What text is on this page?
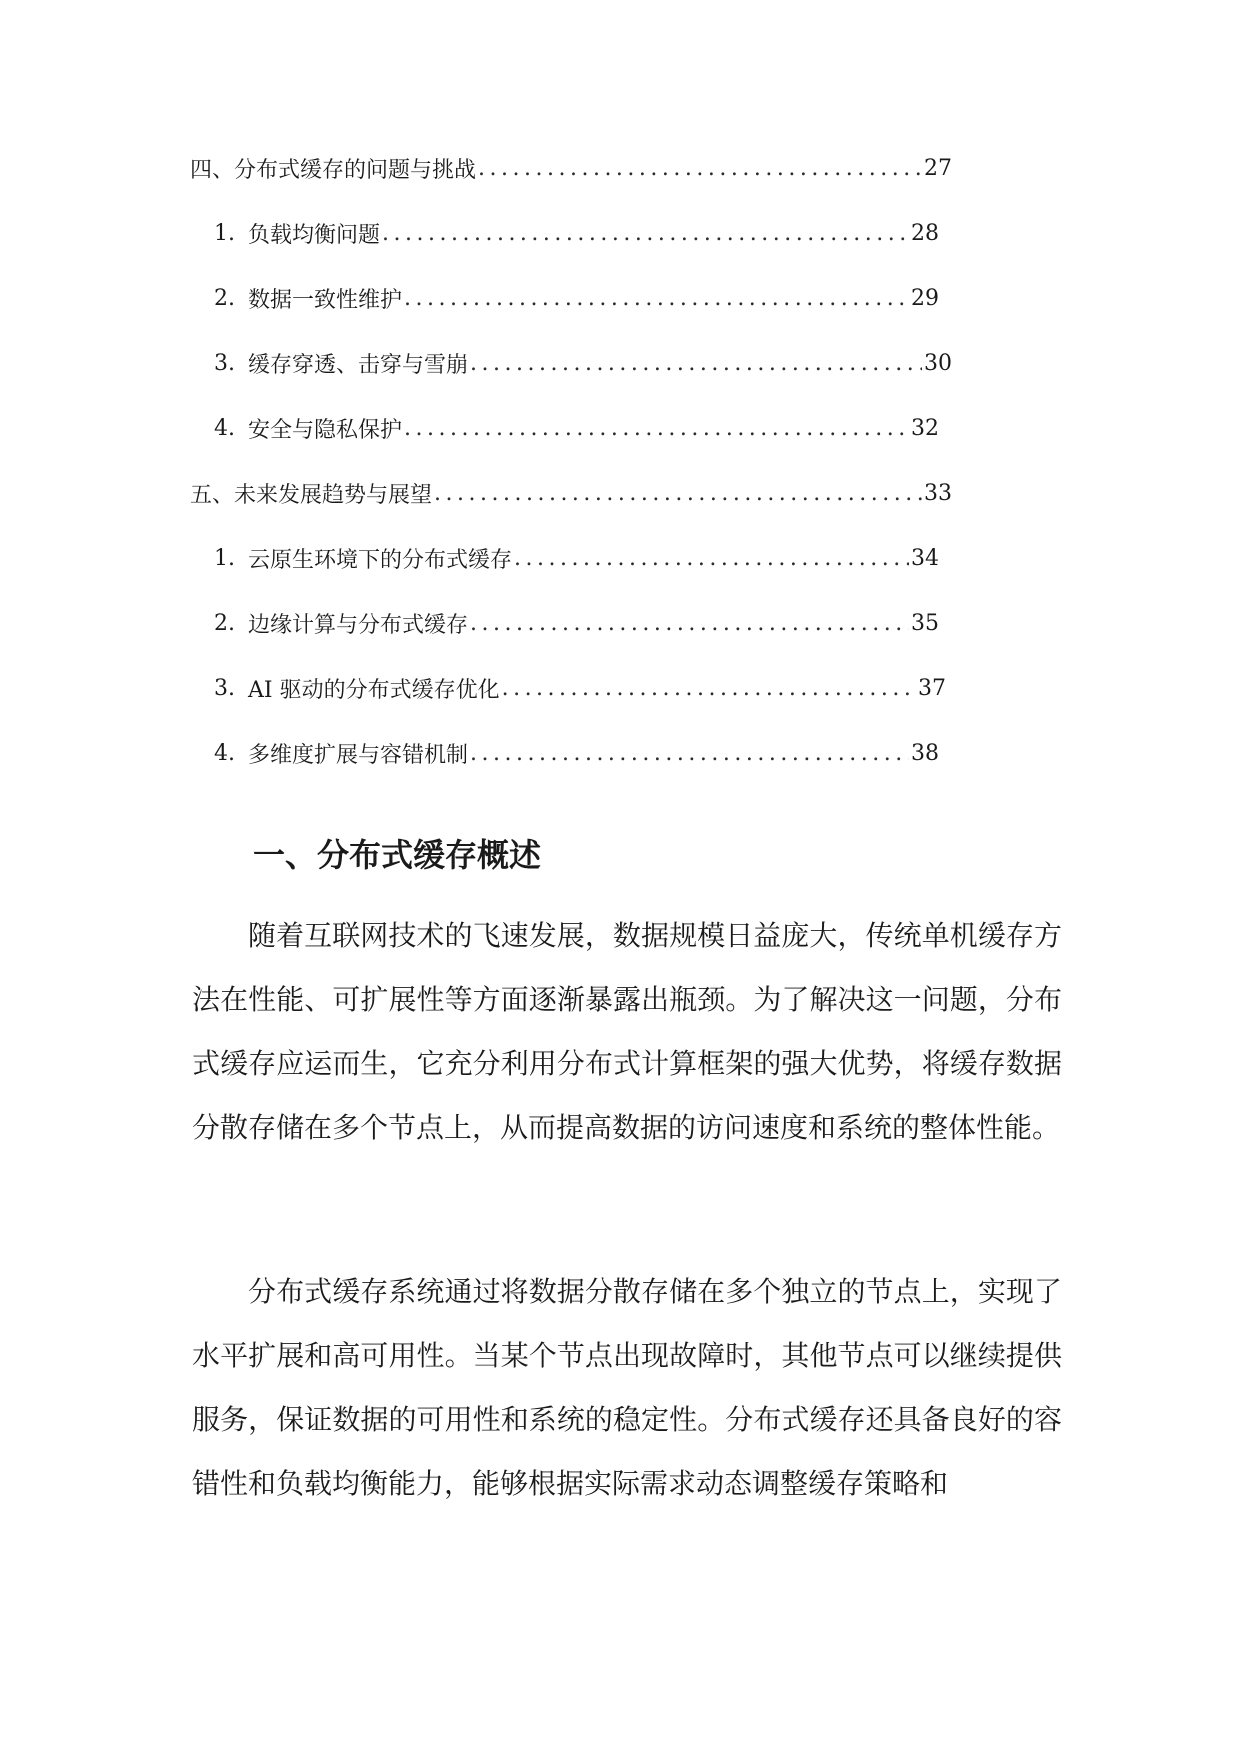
四、分布式缓存的问题与挑战 .....	27
1. 负载均衡问题 .....	28
2. 数据一致性维护 .....	29
3. 缓存穿透、击穿与雪崩 .....	30
4. 安全与隐私保护 .....	32
五、未来发展趋势与展望 .....	33
1. 云原生环境下的分布式缓存 .....	34
2. 边缘计算与分布式缓存 .....	35
3. AI 驱动的分布式缓存优化 .....	37
4. 多维度扩展与容错机制 .....	38
一、分布式缓存概述

随着互联网技术的飞速发展，数据规模日益庞大，传统单机缓存方法在性能、可扩展性等方面逐渐暴露出瓶颈。为了解决这一问题，分布式缓存应运而生，它充分利用分布式计算框架的强大优势，将缓存数据分散存储在多个节点上，从而提高数据的访问速度和系统的整体性能。

分布式缓存系统通过将数据分散存储在多个独立的节点上，实现了水平扩展和高可用性。当某个节点出现故障时，其他节点可以继续提供服务，保证数据的可用性和系统的稳定性。分布式缓存还具备良好的容错性和负载均衡能力，能够根据实际需求动态调整缓存策略和
